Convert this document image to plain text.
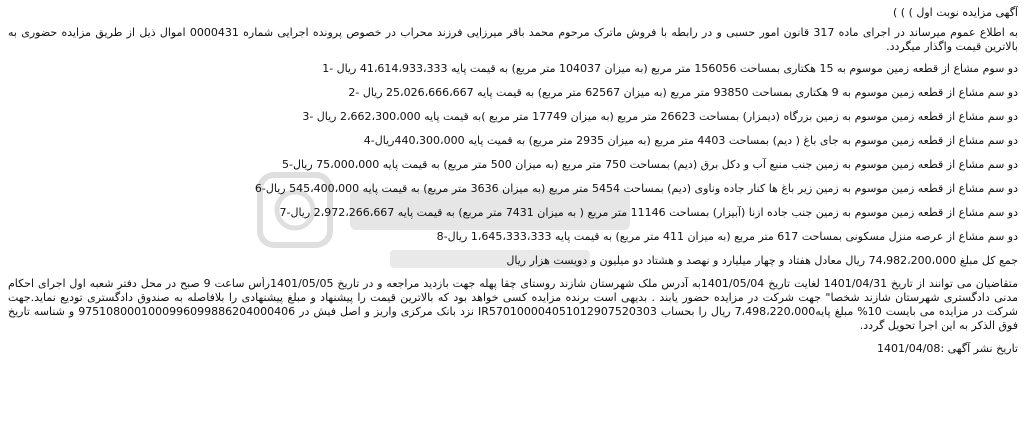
آگهی مزایده نوبت اول ) ) )
به اطلاع عموم میرساند در اجرای ماده 317 قانون امور حسبی و در رابطه با فروش ماترک مرحوم محمد باقر میرزایی فرزند محراب در خصوص پرونده اجرایی شماره 0000431 اموال ذیل از طریق مزایده حضوری به بالاترین قیمت واگذار میگردد.
دو سوم مشاع از قطعه زمین موسوم به 15 هکتاری بمساحت 156056 متر مربع (به میزان 104037 متر مربع) به قیمت پایه 41،614،933،333 ریال -1
دو سم مشاع از قطعه زمین موسوم به 9 هکتاری بمساحت 93850 متر مربع (به میزان 62567 متر مربع) به قیمت پایه 25،026،666،667 ریال -2
دو سم مشاع از قطعه زمین موسوم به زمین بزرگاه (دیمزار) بمساحت 26623 متر مربع (به میزان 17749 متر مربع )به قیمت پایه 2،662،300،000 ریال -3
دو سم مشاع از قطعه زمین موسوم به جای باغ ( دیم) بمساحت 4403 متر مربع (به میزان 2935 متر مربع) به قمیت پایه 440،300،000ریال-4
دو سم مشاع از قطعه زمین موسوم به زمین جنب منبع آب و دکل برق (دیم) بمساحت 750 متر مربع (به میزان 500 متر مربع) به قیمت پایه 75،000،000 ریال-5
دو سم مشاع از قطعه زمین موسوم به زمین زیر باغ ها کنار جاده وناوی (دیم) بمساحت 5454 متر مربع (به میزان 3636 متر مربع) به قیمت پایه 545،400،000 ریال-6
دو سم مشاع از قطعه زمین موسوم به زمین جنب جاده ازنا (آبیزار) بمساحت 11146 متر مربع ( به میزان 7431 متر مربع) به قیمت پایه 2،972،266،667 ریال-7
دو سم مشاع از عرصه منزل مسکونی بمساحت 617 متر مربع (به میزان 411 متر مربع) به قیمت پایه 1،645،333،333 ریال-8
جمع کل مبلغ 74،982،200،000 ریال معادل هفتاد و چهار میلیارد و نهصد و هشتاد دو میلیون و دویست هزار ریال
متقاضیان می توانند از تاریخ 1401/04/31 لغایت تاریخ 1401/05/04به آدرس ملک شهرستان شازند روستای چقا پهله جهت بازدید مراجعه و در تاریخ 1401/05/05رأس ساعت 9 صبح در محل دفتر شعبه اول اجرای احکام مدنی دادگستری شهرستان شازند شخصا" جهت شرکت در مزایده حضور یابند . بدیهی است برنده مزایده کسی خواهد بود که بالاترین قیمت را پیشنهاد و مبلغ پیشنهادی را بلافاصله به صندوق دادگستری تودیع نماید.جهت شرکت در مزایده می بایست 10% مبلغ پایه7،498،220،000 ریال را بحساب IR570100004051012907520303 نزد بانک مرکزی واریز و اصل فیش در 9751080001000996099886204000406 و شناسه تاریخ فوق الذکر به این اجرا تحویل گردد.
تاریخ نشر آگهی :1401/04/08
